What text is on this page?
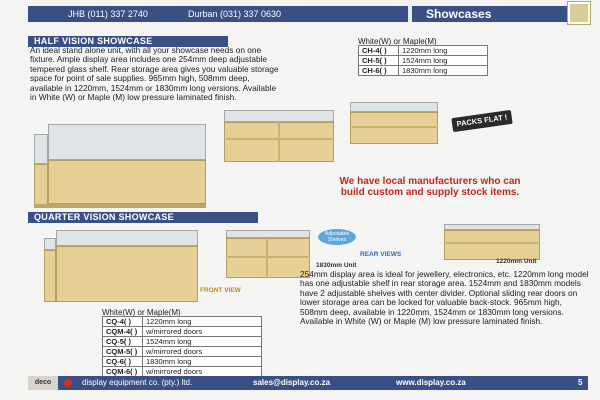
JHB (011) 337 2740	Durban (031) 337 0630	Showcases
HALF VISION SHOWCASE
An ideal stand alone unit, with all your showcase needs on one fixture. Ample display area includes one 254mm deep adjustable tempered glass shelf. Rear storage area gives you valuable storage space for point of sale supplies. 965mm high, 508mm deep, available in 1220mm, 1524mm or 1830mm long versions. Available in White (W) or Maple (M) low pressure laminated finish.
White(W) or Maple(M)
CH-4( )	1220mm long
CH-5( )	1524mm long
CH-6( )	1830mm long
PACKS FLAT !
We have local manufacturers who can build custom and supply stock items.
QUARTER VISION SHOWCASE
Adjustable Shelves
REAR VIEWS
1830mm Unit
1220mm Unit
FRONT VIEW
254mm display area is ideal for jewellery, electronics, etc. 1220mm long model has one adjustable shelf in rear storage area. 1524mm and 1830mm models have 2 adjustable shelves with center divider. Optional sliding rear doors on lower storage area can be locked for valuable back-stock. 965mm high, 508mm deep, available in 1220mm, 1524mm or 1830mm long versions. Available in White (W) or Maple (M) low pressure laminated finish.
White(W) or Maple(M)
CQ-4( )	1220mm long
CQM-4( )	w/mirrored doors
CQ-5( )	1524mm long
CQM-5( )	w/mirrored doors
CQ-6( )	1830mm long
CQM-6( )	w/mirrored doors
deco	display equipment co. (pty.) ltd.	sales@display.co.za	www.display.co.za	5
